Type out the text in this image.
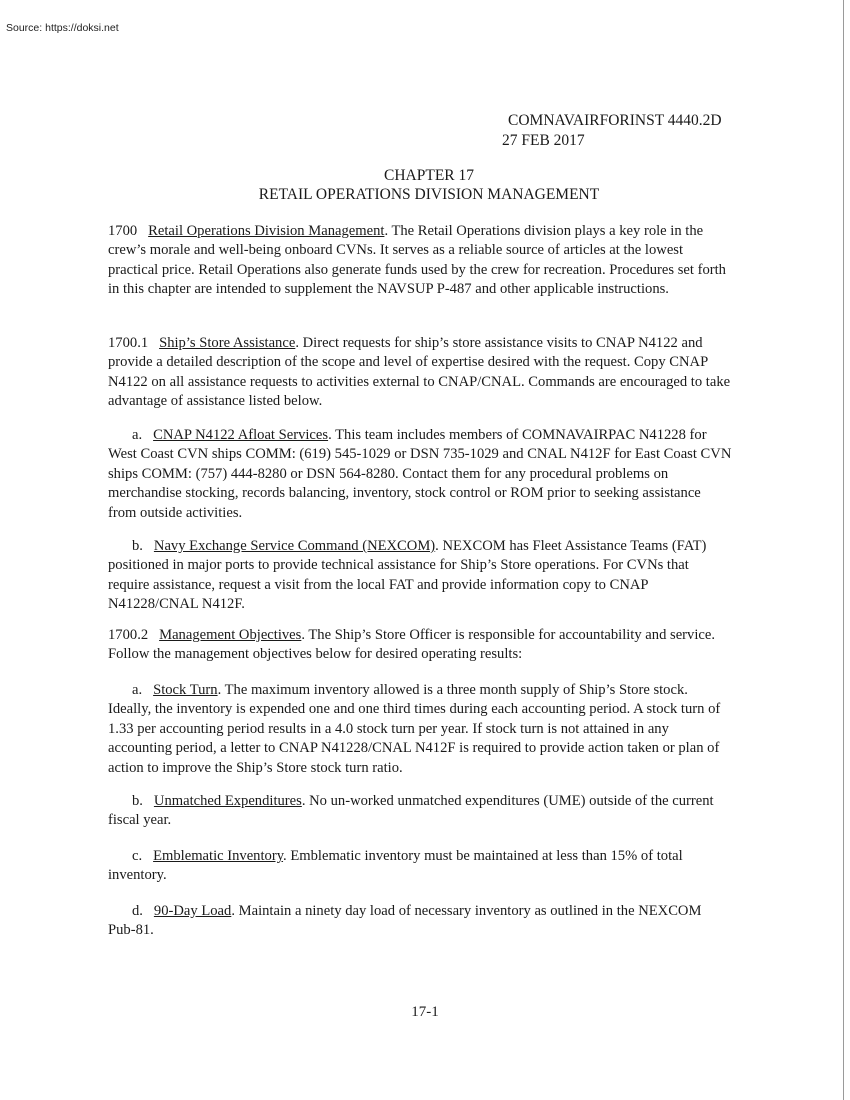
Source: https://doksi.net
COMNAVAIRFORINST 4440.2D
27 FEB 2017
CHAPTER 17
RETAIL OPERATIONS DIVISION MANAGEMENT

1700 Retail Operations Division Management. The Retail Operations division plays a key role in the crew’s morale and well-being onboard CVNs. It serves as a reliable source of articles at the lowest practical price. Retail Operations also generate funds used by the crew for recreation. Procedures set forth in this chapter are intended to supplement the NAVSUP P-487 and other applicable instructions.

1700.1 Ship’s Store Assistance. Direct requests for ship’s store assistance visits to CNAP N4122 and provide a detailed description of the scope and level of expertise desired with the request. Copy CNAP N4122 on all assistance requests to activities external to CNAP/CNAL. Commands are encouraged to take advantage of assistance listed below.

a. CNAP N4122 Afloat Services. This team includes members of COMNAVAIRPAC N41228 for West Coast CVN ships COMM: (619) 545-1029 or DSN 735-1029 and CNAL N412F for East Coast CVN ships COMM: (757) 444-8280 or DSN 564-8280. Contact them for any procedural problems on merchandise stocking, records balancing, inventory, stock control or ROM prior to seeking assistance from outside activities.

b. Navy Exchange Service Command (NEXCOM). NEXCOM has Fleet Assistance Teams (FAT) positioned in major ports to provide technical assistance for Ship’s Store operations. For CVNs that require assistance, request a visit from the local FAT and provide information copy to CNAP N41228/CNAL N412F.

1700.2 Management Objectives. The Ship’s Store Officer is responsible for accountability and service. Follow the management objectives below for desired operating results:

a. Stock Turn. The maximum inventory allowed is a three month supply of Ship’s Store stock. Ideally, the inventory is expended one and one third times during each accounting period. A stock turn of 1.33 per accounting period results in a 4.0 stock turn per year. If stock turn is not attained in any accounting period, a letter to CNAP N41228/CNAL N412F is required to provide action taken or plan of action to improve the Ship’s Store stock turn ratio.

b. Unmatched Expenditures. No un-worked unmatched expenditures (UME) outside of the current fiscal year.

c. Emblematic Inventory. Emblematic inventory must be maintained at less than 15% of total inventory.

d. 90-Day Load. Maintain a ninety day load of necessary inventory as outlined in the NEXCOM Pub-81.

17-1
